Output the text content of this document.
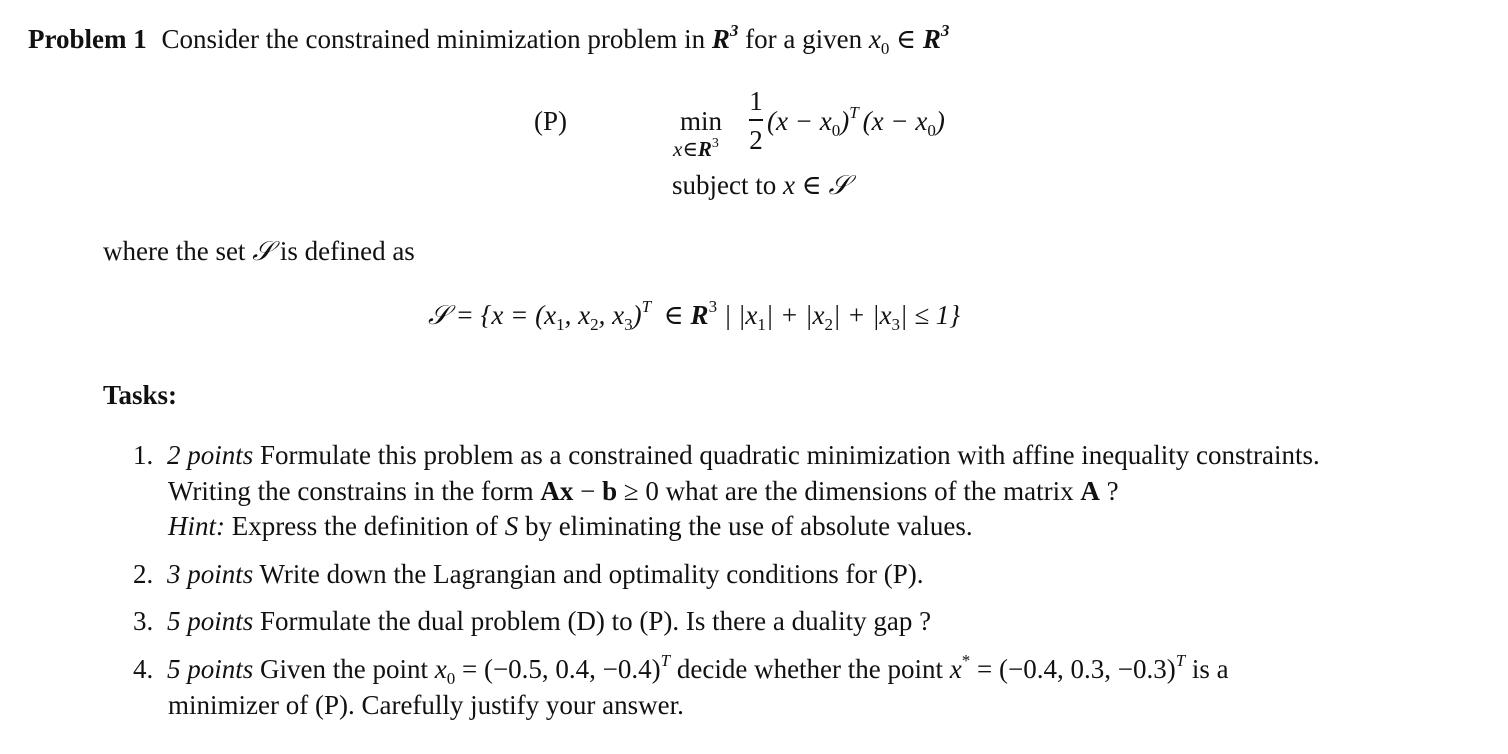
Problem 1 Consider the constrained minimization problem in $R^3$ for a given $x_0$ ∈ $R^3$
(P)	min
$x\in R^3$
1
2
$(x - x_0)^T$ $(x - x_0)$
subject to x ∈ 𝒮
where the set 𝒮 is defined as
𝒮 = {$x = (x_1$, $x_2$, $x_3)^T$ ∈ $R^3$ | $|x_1| + |x_2| + |x_3| \le 1$}
Tasks:
1. 2 points Formulate this problem as a constrained quadratic minimization with affine inequality constraints.
Writing the constrains in the form Ax − b ≥ 0 what are the dimensions of the matrix A ?
Hint: Express the definition of S by eliminating the use of absolute values.
2. 3 points Write down the Lagrangian and optimality conditions for (P).
3. 5 points Formulate the dual problem (D) to (P). Is there a duality gap ?
4. 5 points Given the point $x_0 = (-0.5$, 0.4, −0.4)$^T$ decide whether the point x* = (−0.4, 0.3, −0.3)$^T$ is a
minimizer of (P). Carefully justify your answer.
